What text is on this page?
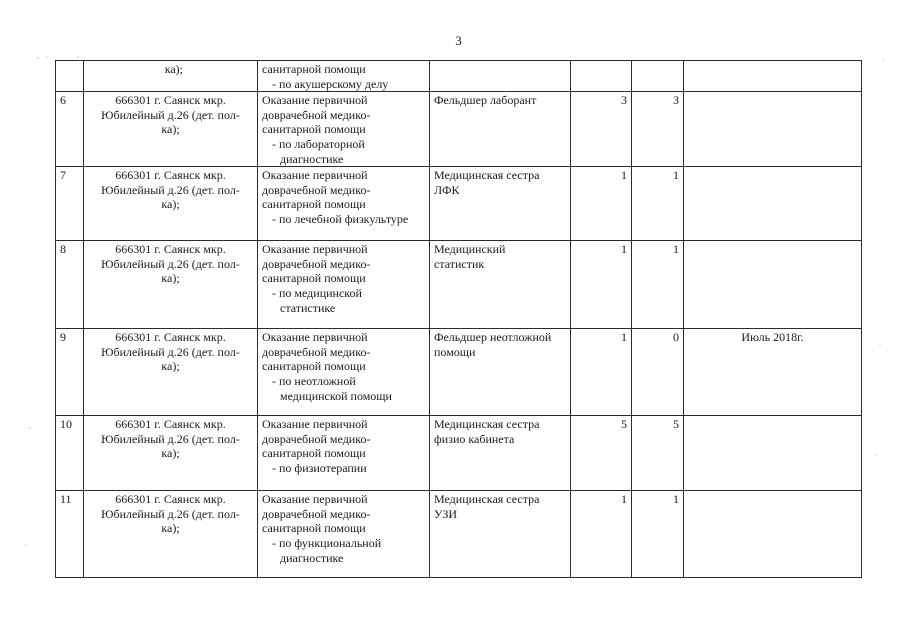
3

	ка);	санитарной помощи
- по акушерскому делу				

6	666301 г. Саянск мкр.
Юбилейный д.26 (дет. пол-
ка);	Оказание первичной
доврачебной медико-
санитарной помощи
- по лабораторной
диагностике	Фельдшер лаборант	3	3	
7	666301 г. Саянск мкр.
Юбилейный д.26 (дет. пол-
ка);	Оказание первичной
доврачебной медико-
санитарной помощи
- по лечебной физкультуре	Медицинская сестра
ЛФК	1	1	
8	666301 г. Саянск мкр.
Юбилейный д.26 (дет. пол-
ка);	Оказание первичной
доврачебной медико-
санитарной помощи
- по медицинской
статистике	Медицинский
статистик	1	1	
9	666301 г. Саянск мкр.
Юбилейный д.26 (дет. пол-
ка);	Оказание первичной
доврачебной медико-
санитарной помощи
- по неотложной
медицинской помощи	Фельдшер неотложной
помощи	1	0	Июль 2018г.
10	666301 г. Саянск мкр.
Юбилейный д.26 (дет. пол-
ка);	Оказание первичной
доврачебной медико-
санитарной помощи
- по физиотерапии	Медицинская сестра
физио кабинета	5	5	
11	666301 г. Саянск мкр.
Юбилейный д.26 (дет. пол-
ка);	Оказание первичной
доврачебной медико-
санитарной помощи
- по функциональной
диагностике	Медицинская сестра
УЗИ	1	1	
